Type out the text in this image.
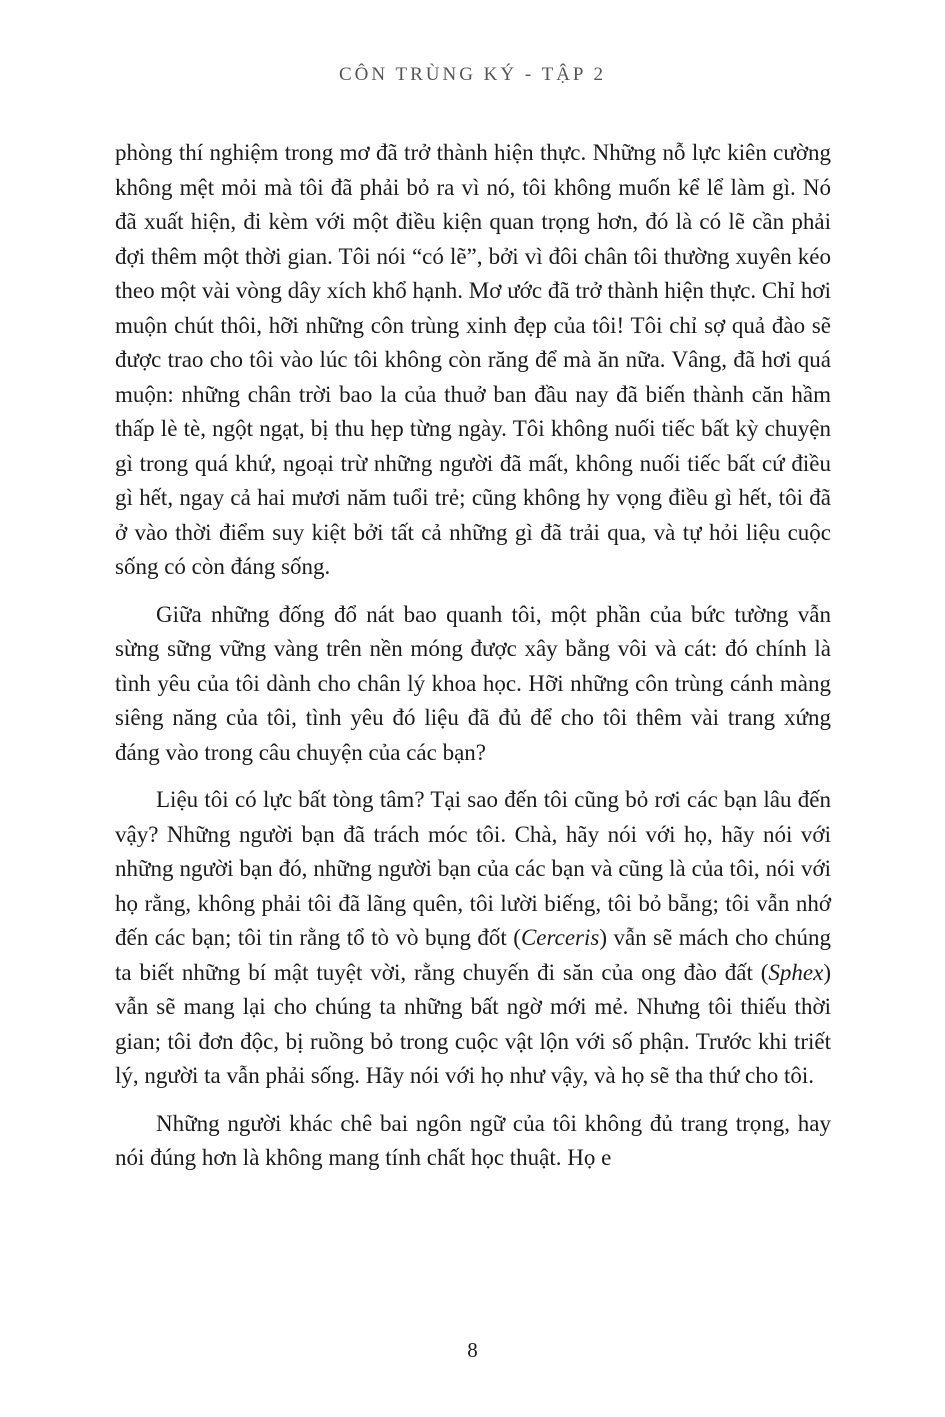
CÔN TRÙNG KÝ - TẬP 2

phòng thí nghiệm trong mơ đã trở thành hiện thực. Những nỗ lực kiên cường không mệt mỏi mà tôi đã phải bỏ ra vì nó, tôi không muốn kể lể làm gì. Nó đã xuất hiện, đi kèm với một điều kiện quan trọng hơn, đó là có lẽ cần phải đợi thêm một thời gian. Tôi nói “có lẽ”, bởi vì đôi chân tôi thường xuyên kéo theo một vài vòng dây xích khổ hạnh. Mơ ước đã trở thành hiện thực. Chỉ hơi muộn chút thôi, hỡi những côn trùng xinh đẹp của tôi! Tôi chỉ sợ quả đào sẽ được trao cho tôi vào lúc tôi không còn răng để mà ăn nữa. Vâng, đã hơi quá muộn: những chân trời bao la của thuở ban đầu nay đã biến thành căn hầm thấp lè tè, ngột ngạt, bị thu hẹp từng ngày. Tôi không nuối tiếc bất kỳ chuyện gì trong quá khứ, ngoại trừ những người đã mất, không nuối tiếc bất cứ điều gì hết, ngay cả hai mươi năm tuổi trẻ; cũng không hy vọng điều gì hết, tôi đã ở vào thời điểm suy kiệt bởi tất cả những gì đã trải qua, và tự hỏi liệu cuộc sống có còn đáng sống.

Giữa những đống đổ nát bao quanh tôi, một phần của bức tường vẫn sừng sững vững vàng trên nền móng được xây bằng vôi và cát: đó chính là tình yêu của tôi dành cho chân lý khoa học. Hỡi những côn trùng cánh màng siêng năng của tôi, tình yêu đó liệu đã đủ để cho tôi thêm vài trang xứng đáng vào trong câu chuyện của các bạn?

Liệu tôi có lực bất tòng tâm? Tại sao đến tôi cũng bỏ rơi các bạn lâu đến vậy? Những người bạn đã trách móc tôi. Chà, hãy nói với họ, hãy nói với những người bạn đó, những người bạn của các bạn và cũng là của tôi, nói với họ rằng, không phải tôi đã lãng quên, tôi lười biếng, tôi bỏ bẵng; tôi vẫn nhớ đến các bạn; tôi tin rằng tổ tò vò bụng đốt (Cerceris) vẫn sẽ mách cho chúng ta biết những bí mật tuyệt vời, rằng chuyến đi săn của ong đào đất (Sphex) vẫn sẽ mang lại cho chúng ta những bất ngờ mới mẻ. Nhưng tôi thiếu thời gian; tôi đơn độc, bị ruồng bỏ trong cuộc vật lộn với số phận. Trước khi triết lý, người ta vẫn phải sống. Hãy nói với họ như vậy, và họ sẽ tha thứ cho tôi.

Những người khác chê bai ngôn ngữ của tôi không đủ trang trọng, hay nói đúng hơn là không mang tính chất học thuật. Họ e

8
